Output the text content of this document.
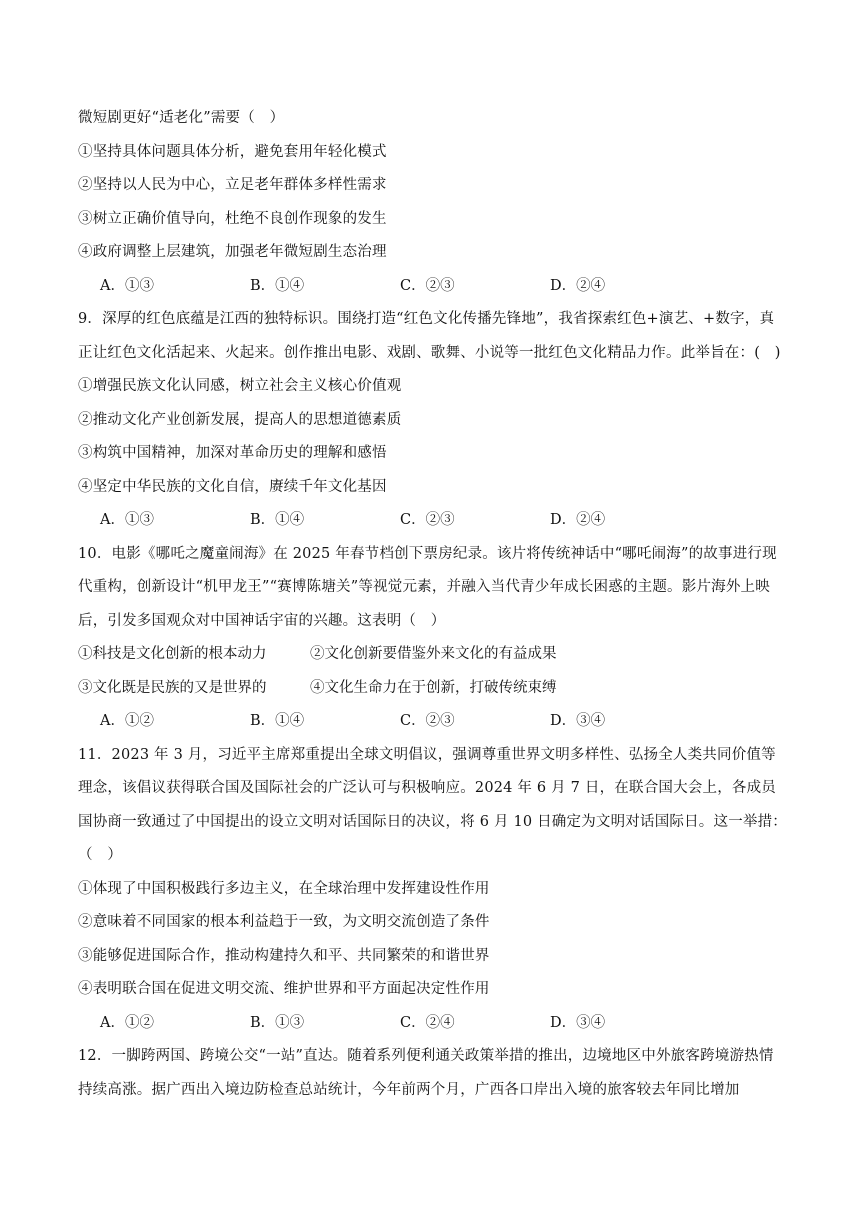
微短剧更好“适老化”需要（　）
①坚持具体问题具体分析，避免套用年轻化模式
②坚持以人民为中心，立足老年群体多样性需求
③树立正确价值导向，杜绝不良创作现象的发生
④政府调整上层建筑，加强老年微短剧生态治理
A．①③	B．①④	C．②③	D．②④
9．深厚的红色底蕴是江西的独特标识。围绕打造“红色文化传播先锋地”，我省探索红色+演艺、+数字，真
正让红色文化活起来、火起来。创作推出电影、戏剧、歌舞、小说等一批红色文化精品力作。此举旨在：(　)
①增强民族文化认同感，树立社会主义核心价值观
②推动文化产业创新发展，提高人的思想道德素质
③构筑中国精神，加深对革命历史的理解和感悟
④坚定中华民族的文化自信，赓续千年文化基因
A．①③	B．①④	C．②③	D．②④
10．电影《哪吒之魔童闹海》在 2025 年春节档创下票房纪录。该片将传统神话中“哪吒闹海”的故事进行现
代重构，创新设计“机甲龙王”“赛博陈塘关”等视觉元素，并融入当代青少年成长困惑的主题。影片海外上映
后，引发多国观众对中国神话宇宙的兴趣。这表明（　）
①科技是文化创新的根本动力	②文化创新要借鉴外来文化的有益成果
③文化既是民族的又是世界的	④文化生命力在于创新，打破传统束缚
A．①②	B．①④	C．②③	D．③④
11．2023 年 3 月，习近平主席郑重提出全球文明倡议，强调尊重世界文明多样性、弘扬全人类共同价值等
理念，该倡议获得联合国及国际社会的广泛认可与积极响应。2024 年 6 月 7 日，在联合国大会上，各成员
国协商一致通过了中国提出的设立文明对话国际日的决议，将 6 月 10 日确定为文明对话国际日。这一举措：
（　）
①体现了中国积极践行多边主义，在全球治理中发挥建设性作用
②意味着不同国家的根本利益趋于一致，为文明交流创造了条件
③能够促进国际合作，推动构建持久和平、共同繁荣的和谐世界
④表明联合国在促进文明交流、维护世界和平方面起决定性作用
A．①②	B．①③	C．②④	D．③④
12．一脚跨两国、跨境公交“一站”直达。随着系列便利通关政策举措的推出，边境地区中外旅客跨境游热情
持续高涨。据广西出入境边防检查总站统计，今年前两个月，广西各口岸出入境的旅客较去年同比增加
